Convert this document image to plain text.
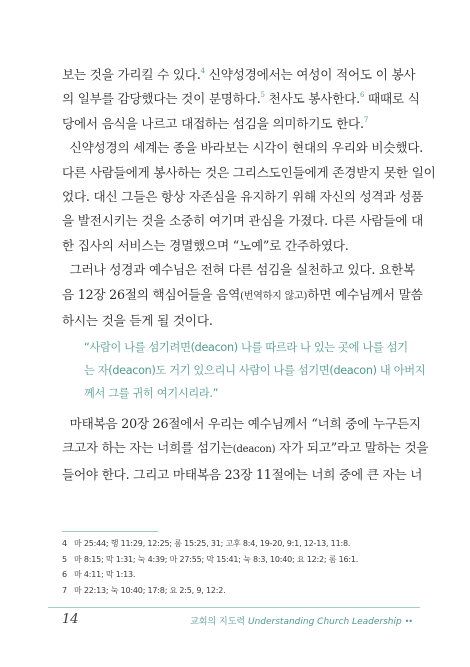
보는 것을 가리킬 수 있다.$^4$ 신약성경에서는 여성이 적어도 이 봉사
의 일부를 감당했다는 것이 분명하다.$^5$ 천사도 봉사한다.$^6$ 때때로 식
당에서 음식을 나르고 대접하는 섬김을 의미하기도 한다.$^7$
신약성경의 세계는 종을 바라보는 시각이 현대의 우리와 비슷했다.
다른 사람들에게 봉사하는 것은 그리스도인들에게 존경받지 못한 일이
었다. 대신 그들은 항상 자존심을 유지하기 위해 자신의 성격과 성품
을 발전시키는 것을 소중히 여기며 관심을 가졌다. 다른 사람들에 대
한 집사의 서비스는 경멸했으며 “노예”로 간주하였다.
그러나 성경과 예수님은 전혀 다른 섬김을 실천하고 있다. 요한복
음 12장 26절의 핵심어들을 음역(번역하지 않고)하면 예수님께서 말씀
하시는 것을 듣게 될 것이다.
“사람이 나를 섬기려면(deacon) 나를 따르라 나 있는 곳에 나를 섬기
는 자(deacon)도 거기 있으리니 사람이 나를 섬기면(deacon) 내 아버지
께서 그를 귀히 여기시리라.”
마태복음 20장 26절에서 우리는 예수님께서 “너희 중에 누구든지
크고자 하는 자는 너희를 섬기는(deacon) 자가 되고”라고 말하는 것을
들어야 한다. 그리고 마태복음 23장 11절에는 너희 중에 큰 자는 너
4 마 25:44; 행 11:29, 12:25; 롬 15:25, 31; 고후 8:4, 19-20, 9:1, 12-13, 11:8.
5 마 8:15; 막 1:31; 눅 4:39; 마 27:55; 막 15:41; 눅 8:3, 10:40; 요 12:2; 롬 16:1.
6 마 4:11; 막 1:13.
7 마 22:13; 눅 10:40; 17:8; 요 2:5, 9, 12:2.
14	교회의 지도력 Understanding Church Leadership ••
